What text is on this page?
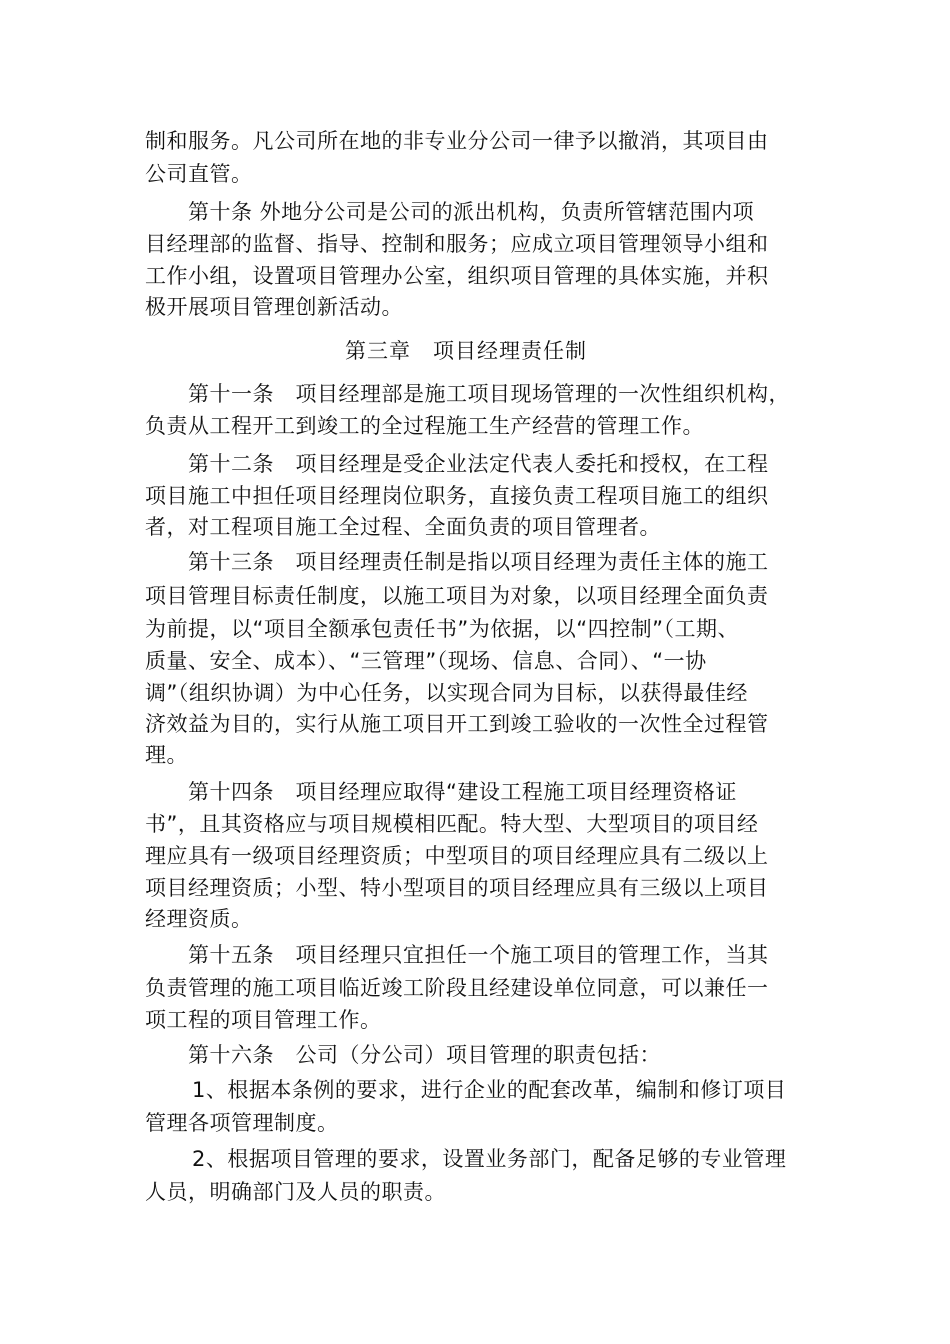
制和服务。凡公司所在地的非专业分公司一律予以撤消，其项目由
公司直管。
第十条 外地分公司是公司的派出机构，负责所管辖范围内项
目经理部的监督、指导、控制和服务；应成立项目管理领导小组和
工作小组，设置项目管理办公室，组织项目管理的具体实施，并积
极开展项目管理创新活动。
第三章　项目经理责任制
第十一条　项目经理部是施工项目现场管理的一次性组织机构，
负责从工程开工到竣工的全过程施工生产经营的管理工作。
第十二条　项目经理是受企业法定代表人委托和授权，在工程
项目施工中担任项目经理岗位职务，直接负责工程项目施工的组织
者，对工程项目施工全过程、全面负责的项目管理者。
第十三条　项目经理责任制是指以项目经理为责任主体的施工
项目管理目标责任制度，以施工项目为对象，以项目经理全面负责
为前提，以“项目全额承包责任书”为依据，以“四控制”（工期、
质量、安全、成本）、“三管理”（现场、信息、合同）、“一协
调”（组织协调）为中心任务，以实现合同为目标，以获得最佳经
济效益为目的，实行从施工项目开工到竣工验收的一次性全过程管
理。
第十四条　项目经理应取得“建设工程施工项目经理资格证
书”，且其资格应与项目规模相匹配。特大型、大型项目的项目经
理应具有一级项目经理资质；中型项目的项目经理应具有二级以上
项目经理资质；小型、特小型项目的项目经理应具有三级以上项目
经理资质。
第十五条　项目经理只宜担任一个施工项目的管理工作，当其
负责管理的施工项目临近竣工阶段且经建设单位同意，可以兼任一
项工程的项目管理工作。
第十六条　公司（分公司）项目管理的职责包括：
1、根据本条例的要求，进行企业的配套改革，编制和修订项目
管理各项管理制度。
2、根据项目管理的要求，设置业务部门，配备足够的专业管理
人员，明确部门及人员的职责。
